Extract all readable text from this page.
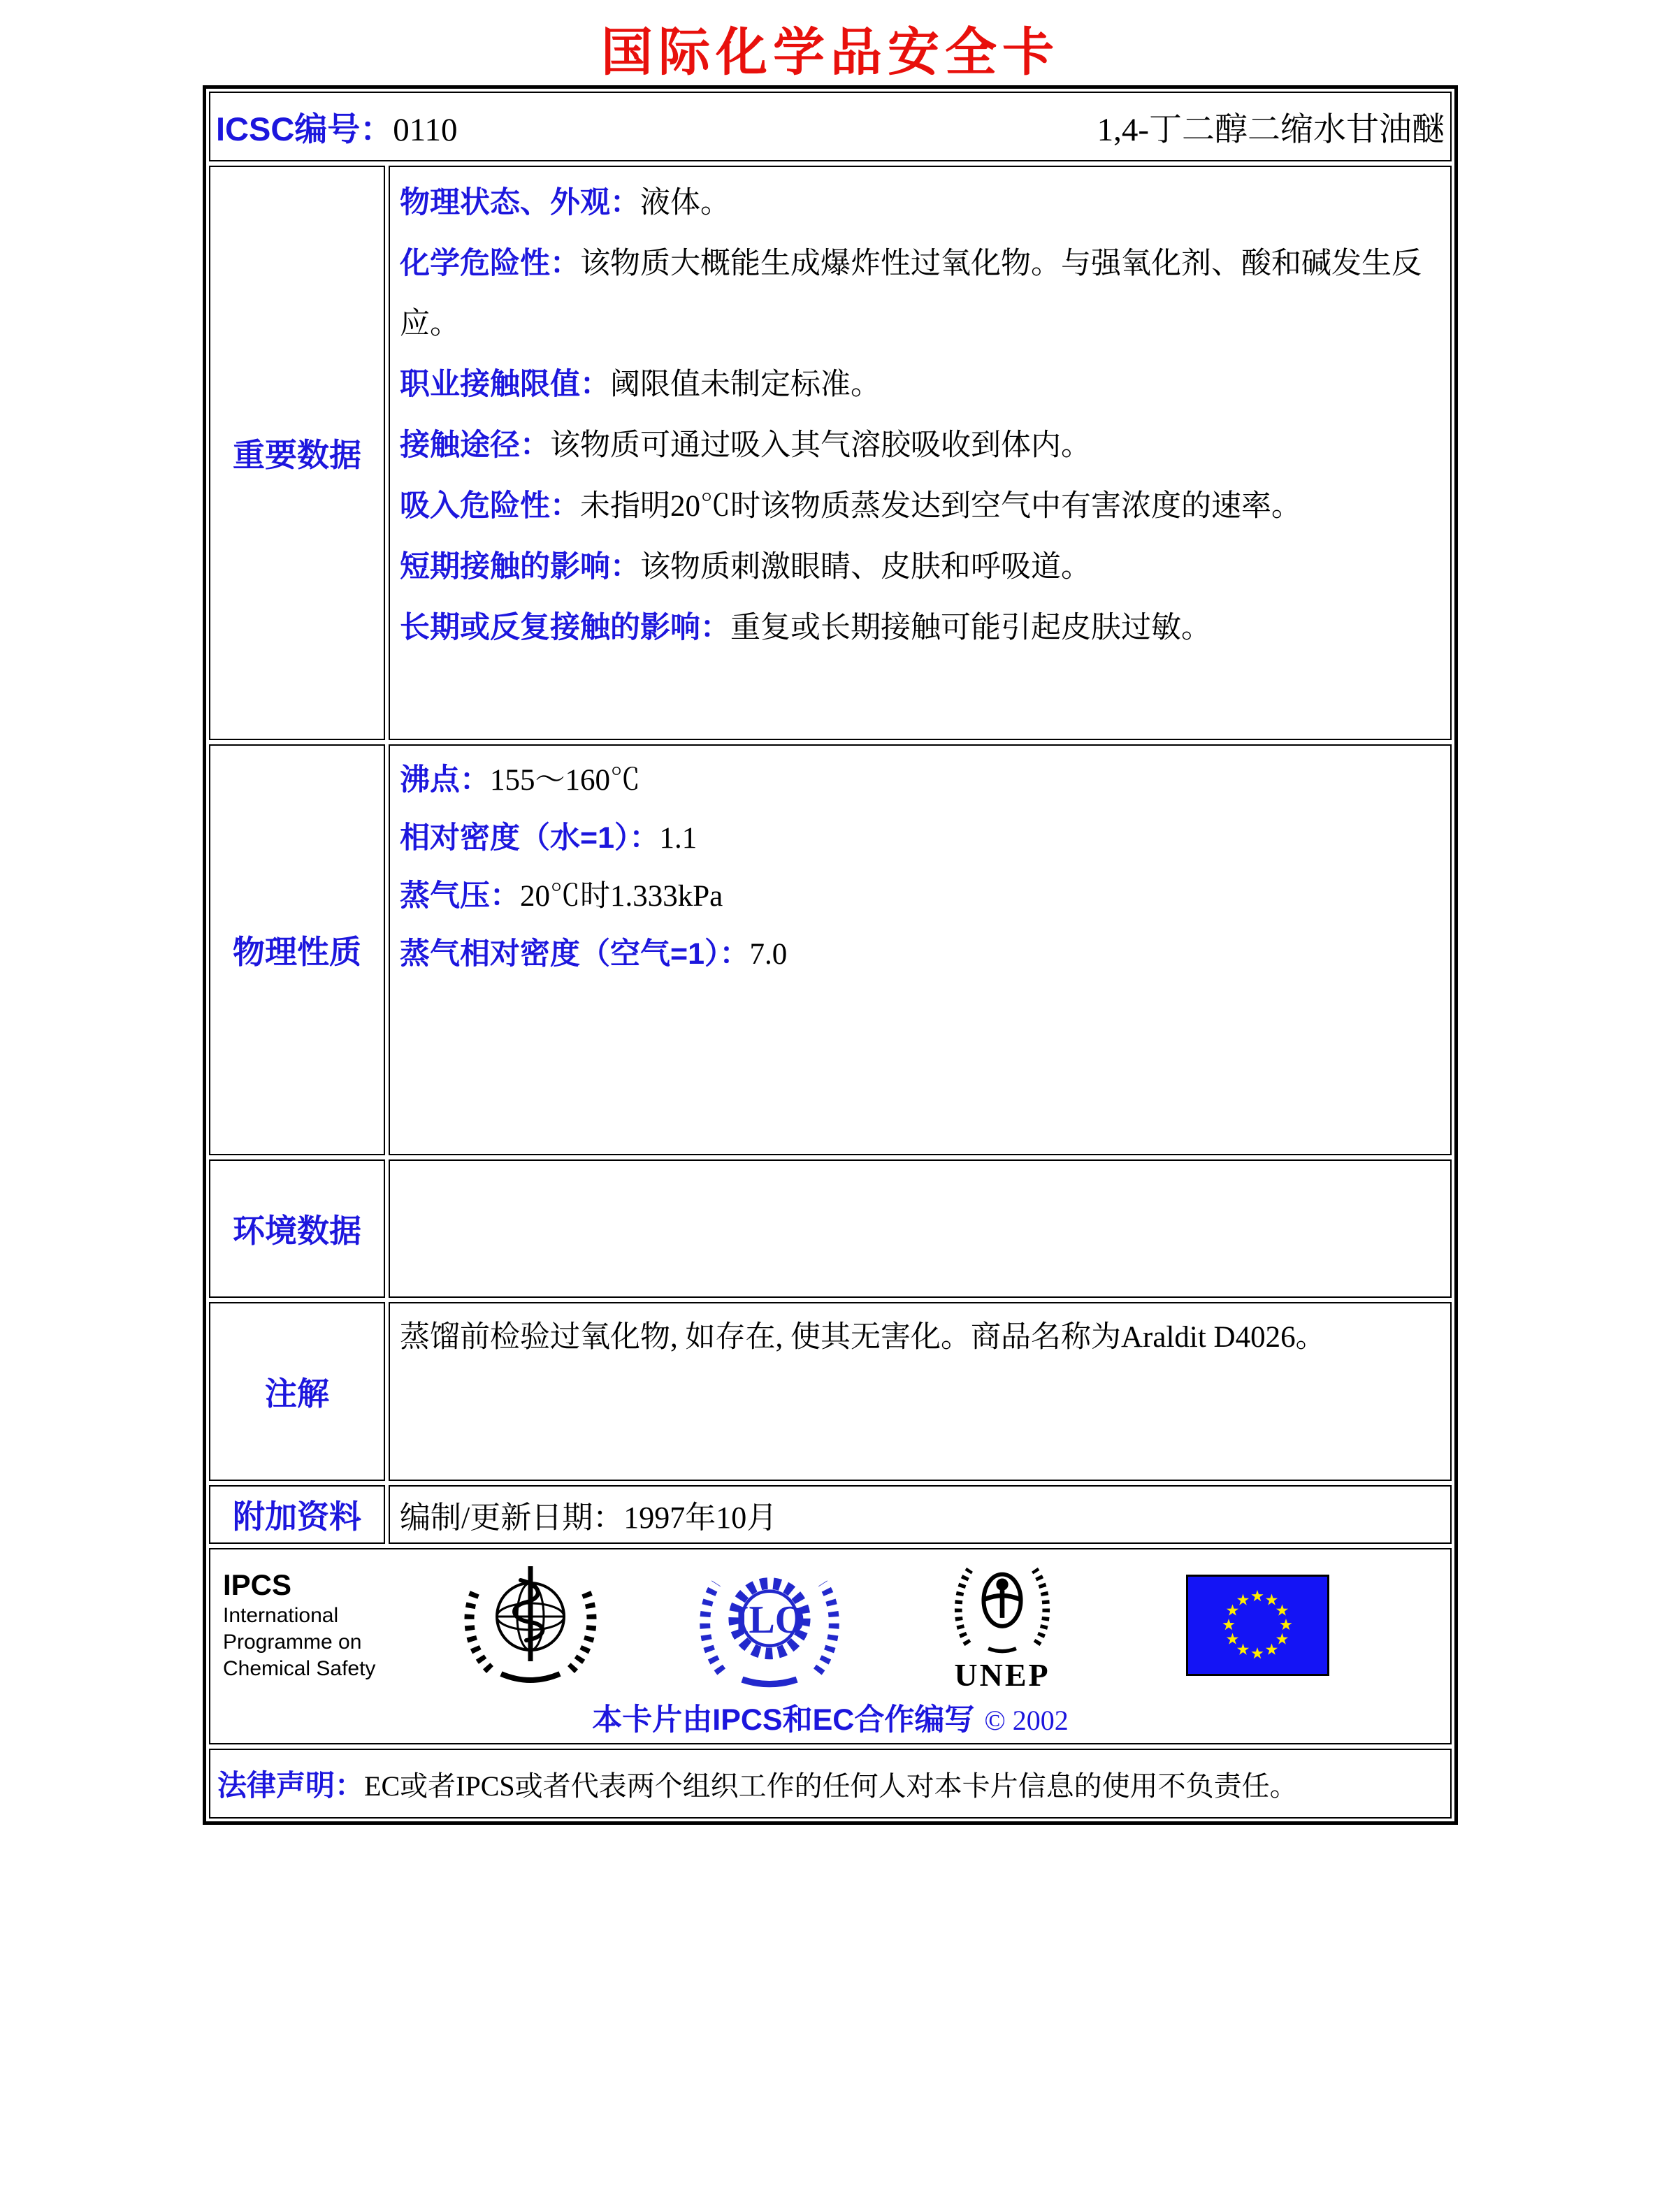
国际化学品安全卡
ICSC编号：0110	1,4-丁二醇二缩水甘油醚
重要数据
物理状态、外观：液体。
化学危险性：该物质大概能生成爆炸性过氧化物。与强氧化剂、酸和碱发生反应。
职业接触限值：阈限值未制定标准。
接触途径：该物质可通过吸入其气溶胶吸收到体内。
吸入危险性：未指明20℃时该物质蒸发达到空气中有害浓度的速率。
短期接触的影响：该物质刺激眼睛、皮肤和呼吸道。
长期或反复接触的影响：重复或长期接触可能引起皮肤过敏。
物理性质
沸点：155～160℃
相对密度（水=1）：1.1
蒸气压：20℃时1.333kPa
蒸气相对密度（空气=1）：7.0
环境数据
注解
蒸馏前检验过氧化物, 如存在, 使其无害化。商品名称为Araldit D4026。
附加资料 编制/更新日期：1997年10月
IPCS
International
Programme on
Chemical Safety
ILO
UNEP
本卡片由IPCS和EC合作编写 © 2002
法律声明： EC或者IPCS或者代表两个组织工作的任何人对本卡片信息的使用不负责任。
